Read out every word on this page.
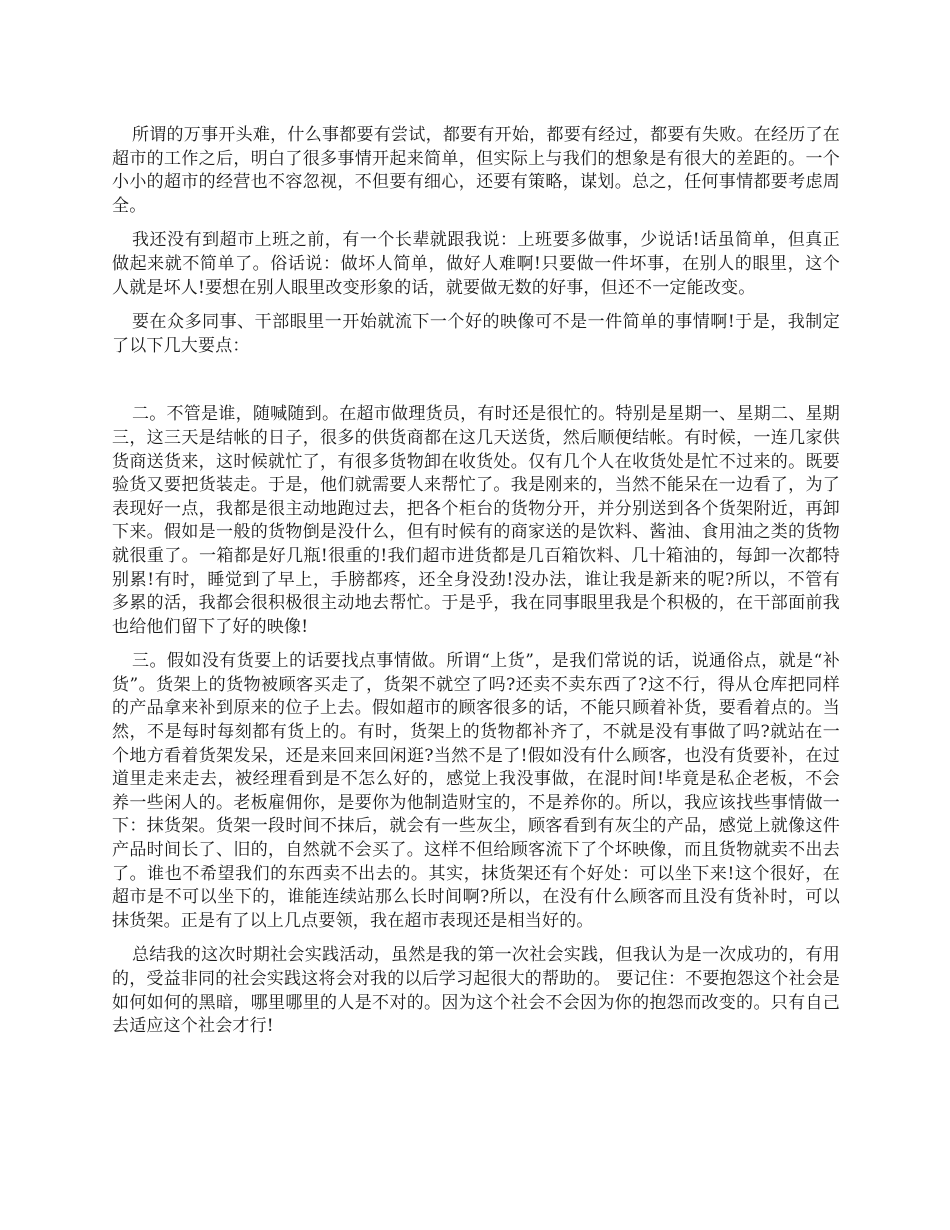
所谓的万事开头难，什么事都要有尝试，都要有开始，都要有经过，都要有失败。在经历了在超市的工作之后，明白了很多事情开起来简单，但实际上与我们的想象是有很大的差距的。一个小小的超市的经营也不容忽视，不但要有细心，还要有策略，谋划。总之，任何事情都要考虑周全。

我还没有到超市上班之前，有一个长辈就跟我说：上班要多做事，少说话!话虽简单，但真正做起来就不简单了。俗话说：做坏人简单，做好人难啊!只要做一件坏事，在别人的眼里，这个人就是坏人!要想在别人眼里改变形象的话，就要做无数的好事，但还不一定能改变。

要在众多同事、干部眼里一开始就流下一个好的映像可不是一件简单的事情啊!于是，我制定了以下几大要点：

二。不管是谁，随喊随到。在超市做理货员，有时还是很忙的。特别是星期一、星期二、星期三，这三天是结帐的日子，很多的供货商都在这几天送货，然后顺便结帐。有时候，一连几家供货商送货来，这时候就忙了，有很多货物卸在收货处。仅有几个人在收货处是忙不过来的。既要验货又要把货装走。于是，他们就需要人来帮忙了。我是刚来的，当然不能呆在一边看了，为了表现好一点，我都是很主动地跑过去，把各个柜台的货物分开，并分别送到各个货架附近，再卸下来。假如是一般的货物倒是没什么，但有时候有的商家送的是饮料、酱油、食用油之类的货物就很重了。一箱都是好几瓶!很重的!我们超市进货都是几百箱饮料、几十箱油的，每卸一次都特别累!有时，睡觉到了早上，手膀都疼，还全身没劲!没办法，谁让我是新来的呢?所以，不管有多累的活，我都会很积极很主动地去帮忙。于是乎，我在同事眼里我是个积极的，在干部面前我也给他们留下了好的映像!

三。假如没有货要上的话要找点事情做。所谓“上货”，是我们常说的话，说通俗点，就是“补货”。货架上的货物被顾客买走了，货架不就空了吗?还卖不卖东西了?这不行，得从仓库把同样的产品拿来补到原来的位子上去。假如超市的顾客很多的话，不能只顾着补货，要看着点的。当然，不是每时每刻都有货上的。有时，货架上的货物都补齐了，不就是没有事做了吗?就站在一个地方看着货架发呆，还是来回来回闲逛?当然不是了!假如没有什么顾客，也没有货要补，在过道里走来走去，被经理看到是不怎么好的，感觉上我没事做，在混时间!毕竟是私企老板，不会养一些闲人的。老板雇佣你，是要你为他制造财宝的，不是养你的。所以，我应该找些事情做一下：抹货架。货架一段时间不抹后，就会有一些灰尘，顾客看到有灰尘的产品，感觉上就像这件产品时间长了、旧的，自然就不会买了。这样不但给顾客流下了个坏映像，而且货物就卖不出去了。谁也不希望我们的东西卖不出去的。其实，抹货架还有个好处：可以坐下来!这个很好，在超市是不可以坐下的，谁能连续站那么长时间啊?所以，在没有什么顾客而且没有货补时，可以抹货架。正是有了以上几点要领，我在超市表现还是相当好的。

总结我的这次时期社会实践活动，虽然是我的第一次社会实践，但我认为是一次成功的，有用的，受益非同的社会实践这将会对我的以后学习起很大的帮助的。 要记住：不要抱怨这个社会是如何如何的黑暗，哪里哪里的人是不对的。因为这个社会不会因为你的抱怨而改变的。只有自己去适应这个社会才行!
